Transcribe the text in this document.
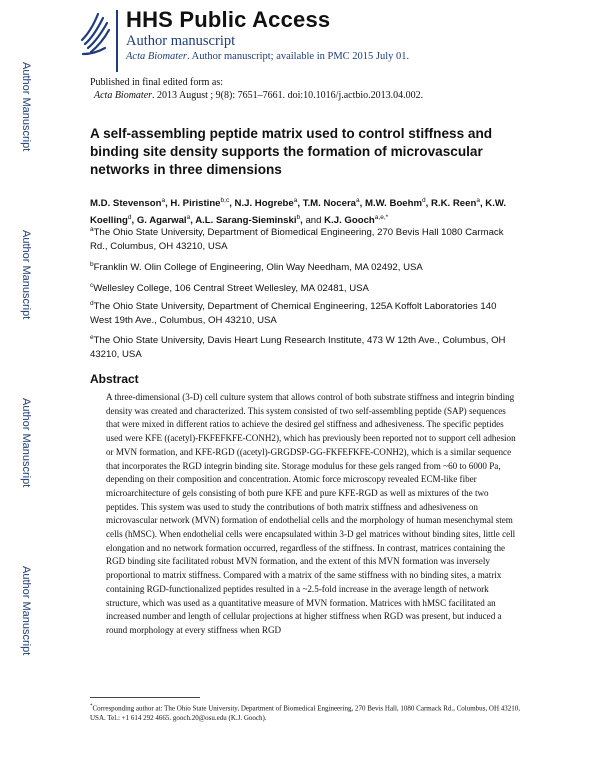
HHS Public Access
Author manuscript
Acta Biomater. Author manuscript; available in PMC 2015 July 01.
Author Manuscript
Author Manuscript
Author Manuscript
Author Manuscript
Published in final edited form as:
Acta Biomater. 2013 August ; 9(8): 7651–7661. doi:10.1016/j.actbio.2013.04.002.
A self-assembling peptide matrix used to control stiffness and binding site density supports the formation of microvascular networks in three dimensions
M.D. Stevenson$^a$, H. Piristine$^{b,c}$, N.J. Hogrebe$^a$, T.M. Nocera$^a$, M.W. Boehm$^d$, R.K. Reen$^a$, K.W. Koelling$^d$, G. Agarwal$^a$, A.L. Sarang-Sieminski$^b$, and K.J. Gooch$^{a,e,*}$
$^a$The Ohio State University, Department of Biomedical Engineering, 270 Bevis Hall 1080 Carmack Rd., Columbus, OH 43210, USA
$^b$Franklin W. Olin College of Engineering, Olin Way Needham, MA 02492, USA
$^c$Wellesley College, 106 Central Street Wellesley, MA 02481, USA
$^d$The Ohio State University, Department of Chemical Engineering, 125A Koffolt Laboratories 140 West 19th Ave., Columbus, OH 43210, USA
$^e$The Ohio State University, Davis Heart Lung Research Institute, 473 W 12th Ave., Columbus, OH 43210, USA
Abstract
A three-dimensional (3-D) cell culture system that allows control of both substrate stiffness and integrin binding density was created and characterized. This system consisted of two self-assembling peptide (SAP) sequences that were mixed in different ratios to achieve the desired gel stiffness and adhesiveness. The specific peptides used were KFE ((acetyl)-FKFEFKFE-CONH2), which has previously been reported not to support cell adhesion or MVN formation, and KFE-RGD ((acetyl)-GRGDSP-GG-FKFEFKFE-CONH2), which is a similar sequence that incorporates the RGD integrin binding site. Storage modulus for these gels ranged from ~60 to 6000 Pa, depending on their composition and concentration. Atomic force microscopy revealed ECM-like fiber microarchitecture of gels consisting of both pure KFE and pure KFE-RGD as well as mixtures of the two peptides. This system was used to study the contributions of both matrix stiffness and adhesiveness on microvascular network (MVN) formation of endothelial cells and the morphology of human mesenchymal stem cells (hMSC). When endothelial cells were encapsulated within 3-D gel matrices without binding sites, little cell elongation and no network formation occurred, regardless of the stiffness. In contrast, matrices containing the RGD binding site facilitated robust MVN formation, and the extent of this MVN formation was inversely proportional to matrix stiffness. Compared with a matrix of the same stiffness with no binding sites, a matrix containing RGD-functionalized peptides resulted in a ~2.5-fold increase in the average length of network structure, which was used as a quantitative measure of MVN formation. Matrices with hMSC facilitated an increased number and length of cellular projections at higher stiffness when RGD was present, but induced a round morphology at every stiffness when RGD
*Corresponding author at: The Ohio State University, Department of Biomedical Engineering, 270 Bevis Hall, 1080 Carmack Rd., Columbus, OH 43210, USA. Tel.: +1 614 292 4665. gooch.20@osu.edu (K.J. Gooch).
